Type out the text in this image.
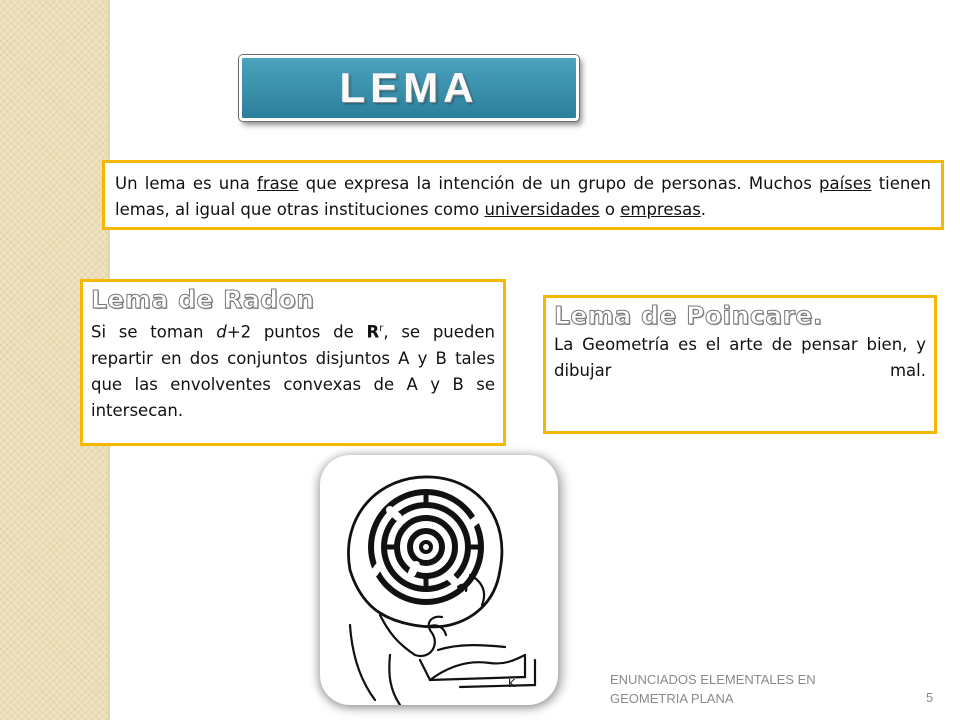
LEMA
Un lema es una frase que expresa la intención de un grupo de personas. Muchos países tienen lemas, al igual que otras instituciones como universidades o empresas.
Lema de Radon
Si se toman d+2 puntos de $R^r$, se pueden repartir en dos conjuntos disjuntos A y B tales que las envolventes convexas de A y B se intersecan.
Lema de Poincare.
La Geometría es el arte de pensar bien, y dibujar mal.
K	ENUNCIADOS ELEMENTALES EN
GEOMETRIA PLANA	5
